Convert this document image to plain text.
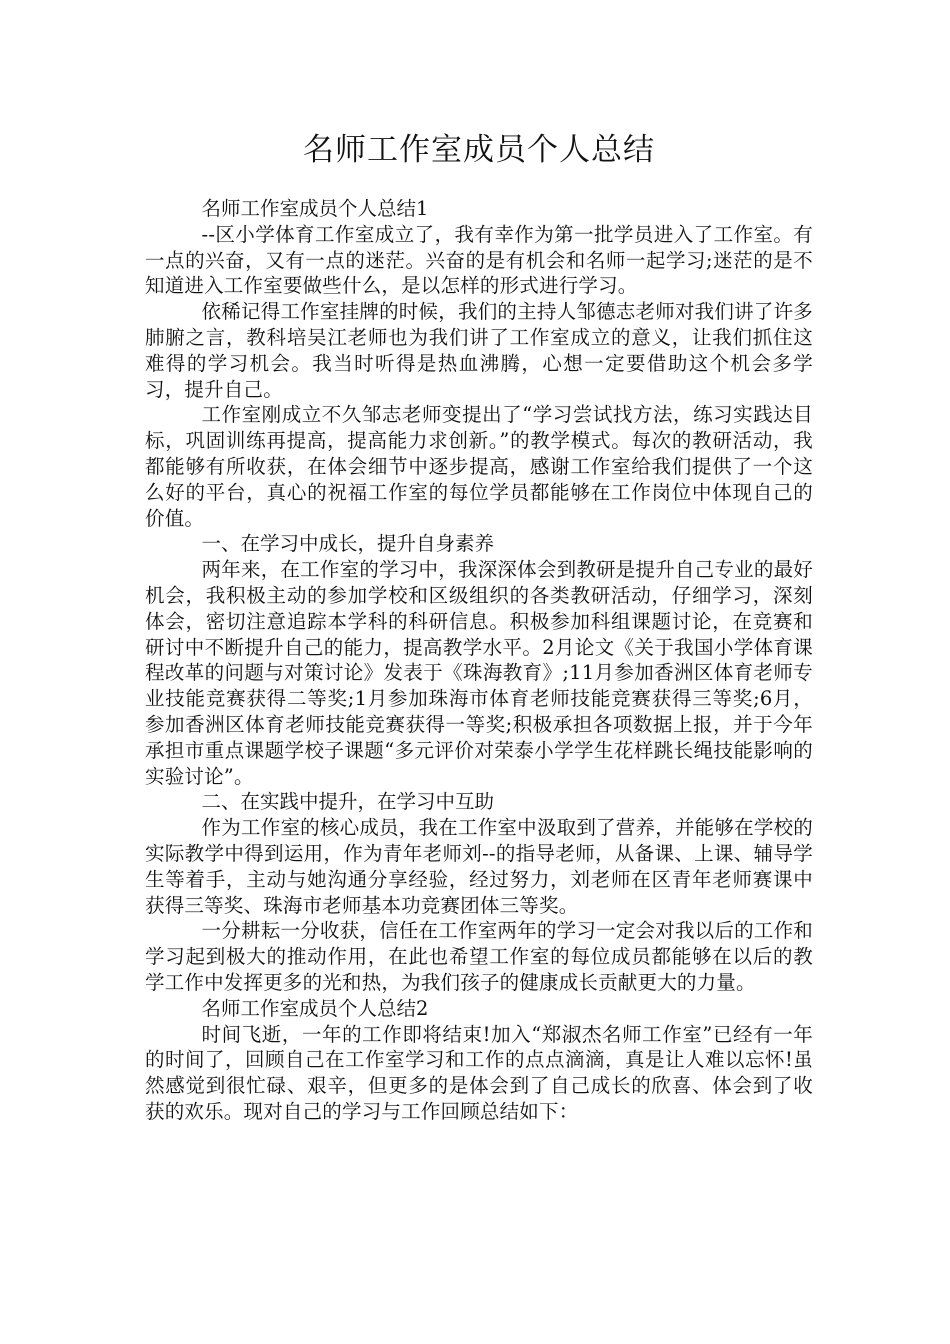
名师工作室成员个人总结

名师工作室成员个人总结1

--区小学体育工作室成立了，我有幸作为第一批学员进入了工作室。有一点的兴奋，又有一点的迷茫。兴奋的是有机会和名师一起学习;迷茫的是不知道进入工作室要做些什么，是以怎样的形式进行学习。

依稀记得工作室挂牌的时候，我们的主持人邹德志老师对我们讲了许多肺腑之言，教科培吴江老师也为我们讲了工作室成立的意义，让我们抓住这难得的学习机会。我当时听得是热血沸腾，心想一定要借助这个机会多学习，提升自己。

工作室刚成立不久邹志老师变提出了“学习尝试找方法，练习实践达目标，巩固训练再提高，提高能力求创新。”的教学模式。每次的教研活动，我都能够有所收获，在体会细节中逐步提高，感谢工作室给我们提供了一个这么好的平台，真心的祝福工作室的每位学员都能够在工作岗位中体现自己的价值。

一、在学习中成长，提升自身素养

两年来，在工作室的学习中，我深深体会到教研是提升自己专业的最好机会，我积极主动的参加学校和区级组织的各类教研活动，仔细学习，深刻体会，密切注意追踪本学科的科研信息。积极参加科组课题讨论，在竞赛和研讨中不断提升自己的能力，提高教学水平。2月论文《关于我国小学体育课程改革的问题与对策讨论》发表于《珠海教育》;11月参加香洲区体育老师专业技能竞赛获得二等奖;1月参加珠海市体育老师技能竞赛获得三等奖;6月，参加香洲区体育老师技能竞赛获得一等奖;积极承担各项数据上报，并于今年承担市重点课题学校子课题“多元评价对荣泰小学学生花样跳长绳技能影响的实验讨论”。

二、在实践中提升，在学习中互助

作为工作室的核心成员，我在工作室中汲取到了营养，并能够在学校的实际教学中得到运用，作为青年老师刘--的指导老师，从备课、上课、辅导学生等着手，主动与她沟通分享经验，经过努力，刘老师在区青年老师赛课中获得三等奖、珠海市老师基本功竞赛团体三等奖。

一分耕耘一分收获，信任在工作室两年的学习一定会对我以后的工作和学习起到极大的推动作用，在此也希望工作室的每位成员都能够在以后的教学工作中发挥更多的光和热，为我们孩子的健康成长贡献更大的力量。

名师工作室成员个人总结2

时间飞逝，一年的工作即将结束!加入“郑淑杰名师工作室”已经有一年的时间了，回顾自己在工作室学习和工作的点点滴滴，真是让人难以忘怀!虽然感觉到很忙碌、艰辛，但更多的是体会到了自己成长的欣喜、体会到了收获的欢乐。现对自己的学习与工作回顾总结如下：
